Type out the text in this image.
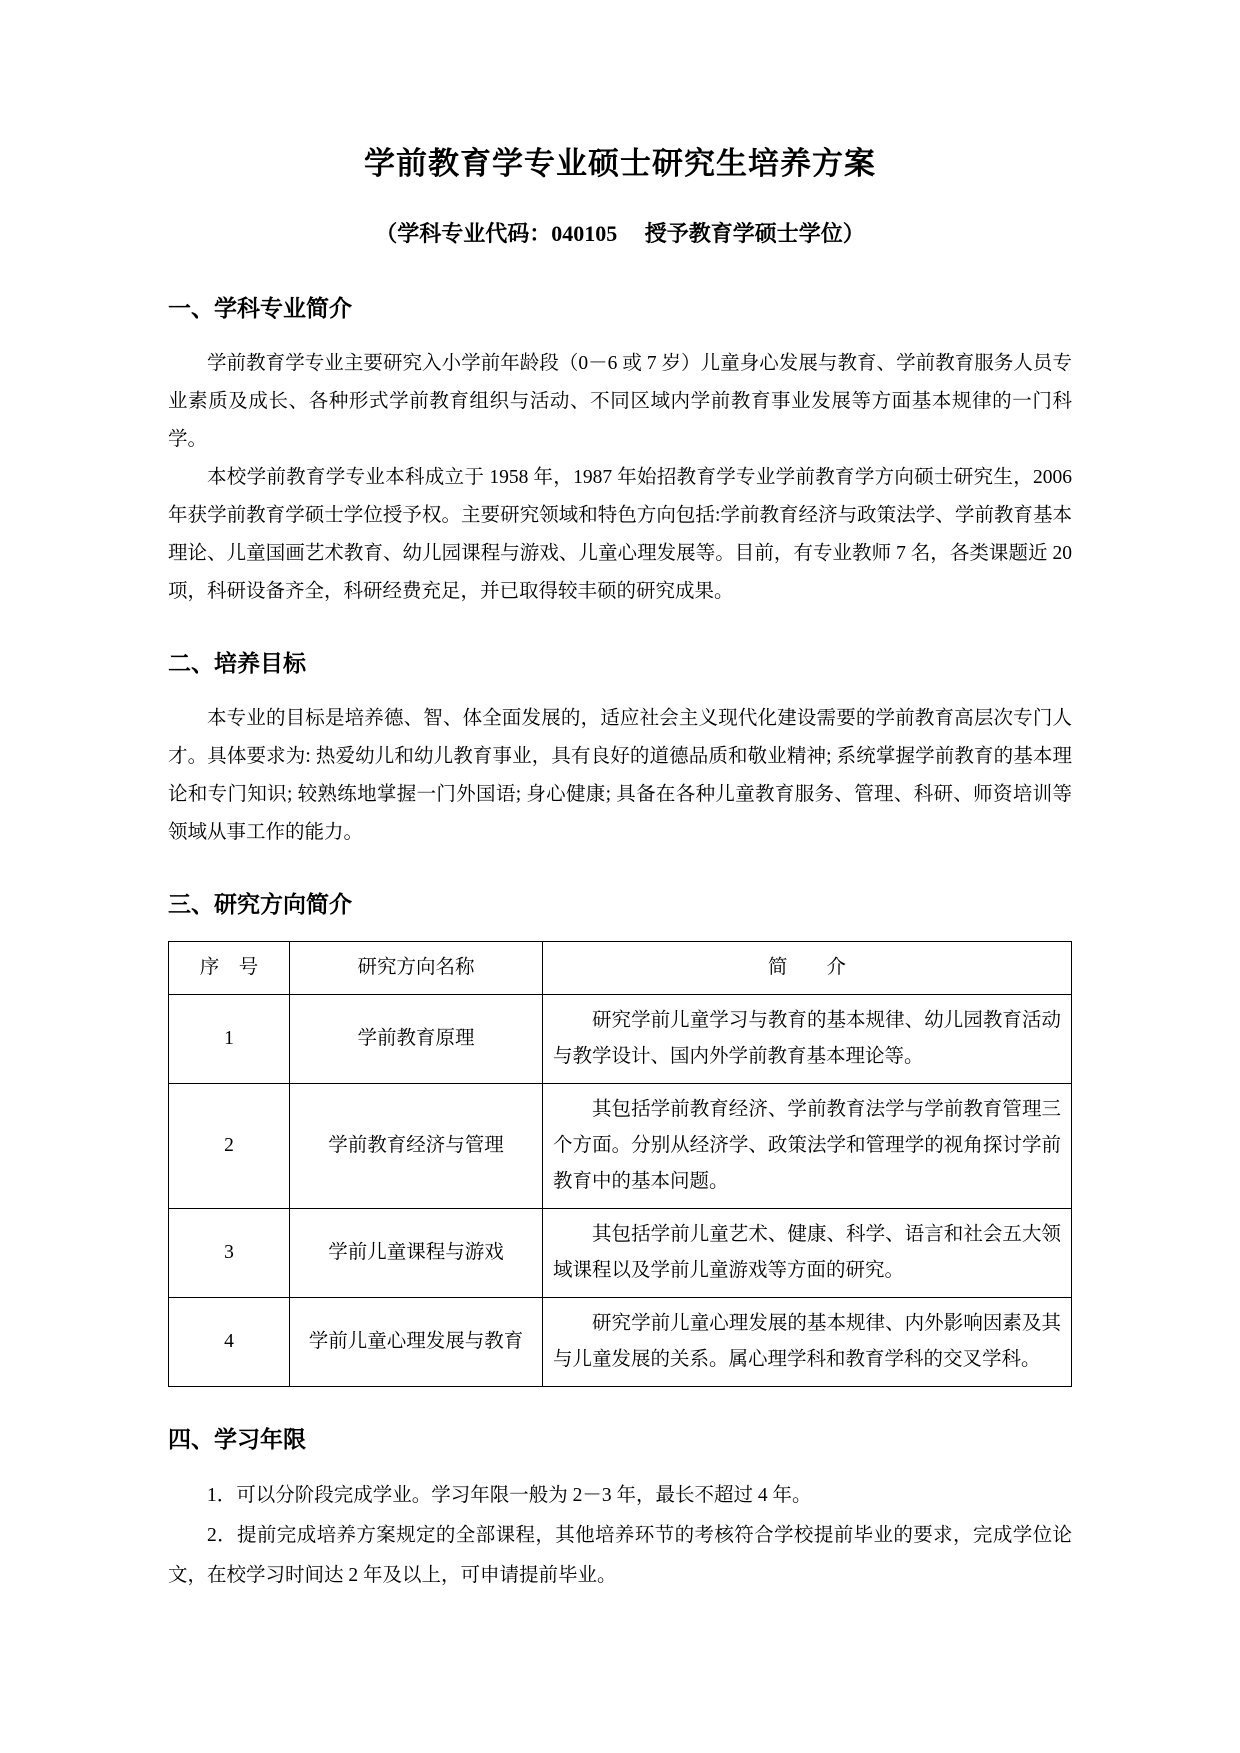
学前教育学专业硕士研究生培养方案
（学科专业代码：040105　 授予教育学硕士学位）
一、学科专业简介

学前教育学专业主要研究入小学前年龄段（0－6 或 7 岁）儿童身心发展与教育、学前教育服务人员专业素质及成长、各种形式学前教育组织与活动、不同区域内学前教育事业发展等方面基本规律的一门科学。

本校学前教育学专业本科成立于 1958 年，1987 年始招教育学专业学前教育学方向硕士研究生，2006 年获学前教育学硕士学位授予权。主要研究领域和特色方向包括:学前教育经济与政策法学、学前教育基本理论、儿童国画艺术教育、幼儿园课程与游戏、儿童心理发展等。目前，有专业教师 7 名，各类课题近 20 项，科研设备齐全，科研经费充足，并已取得较丰硕的研究成果。

二、培养目标

本专业的目标是培养德、智、体全面发展的，适应社会主义现代化建设需要的学前教育高层次专门人才。具体要求为: 热爱幼儿和幼儿教育事业，具有良好的道德品质和敬业精神; 系统掌握学前教育的基本理论和专门知识; 较熟练地掌握一门外国语; 身心健康; 具备在各种儿童教育服务、管理、科研、师资培训等领域从事工作的能力。

三、研究方向简介
序　号	研究方向名称	简　　介
1	学前教育原理	研究学前儿童学习与教育的基本规律、幼儿园教育活动与教学设计、国内外学前教育基本理论等。
2	学前教育经济与管理	其包括学前教育经济、学前教育法学与学前教育管理三个方面。分别从经济学、政策法学和管理学的视角探讨学前教育中的基本问题。
3	学前儿童课程与游戏	其包括学前儿童艺术、健康、科学、语言和社会五大领域课程以及学前儿童游戏等方面的研究。
4	学前儿童心理发展与教育	研究学前儿童心理发展的基本规律、内外影响因素及其与儿童发展的关系。属心理学科和教育学科的交叉学科。
四、学习年限

1．可以分阶段完成学业。学习年限一般为 2－3 年，最长不超过 4 年。

2．提前完成培养方案规定的全部课程，其他培养环节的考核符合学校提前毕业的要求，完成学位论文，在校学习时间达 2 年及以上，可申请提前毕业。
